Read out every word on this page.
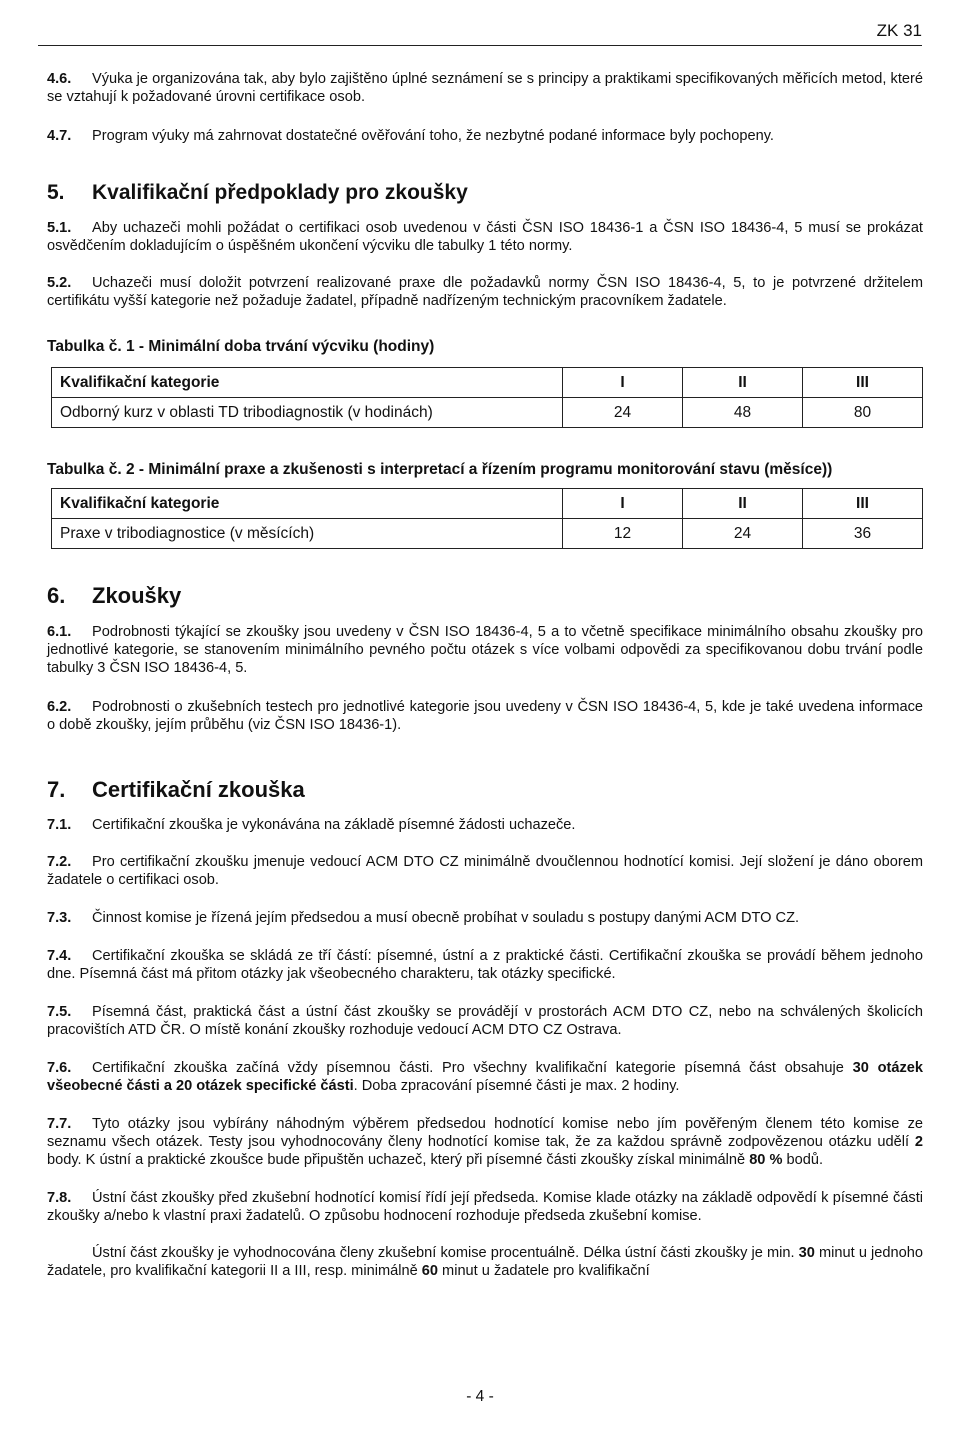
ZK 31

4.6. Výuka je organizována tak, aby bylo zajištěno úplné seznámení se s principy a praktikami specifikovaných měřicích metod, které se vztahují k požadované úrovni certifikace osob.

4.7. Program výuky má zahrnovat dostatečné ověřování toho, že nezbytné podané informace byly pochopeny.

5. Kvalifikační předpoklady pro zkoušky

5.1. Aby uchazeči mohli požádat o certifikaci osob uvedenou v části ČSN ISO 18436-1 a ČSN ISO 18436-4, 5 musí se prokázat osvědčením dokladujícím o úspěšném ukončení výcviku dle tabulky 1 této normy.

5.2. Uchazeči musí doložit potvrzení realizované praxe dle požadavků normy ČSN ISO 18436-4, 5, to je potvrzené držitelem certifikátu vyšší kategorie než požaduje žadatel, případně nadřízeným technickým pracovníkem žadatele.

Tabulka č. 1 - Minimální doba trvání výcviku (hodiny)
Kvalifikační kategorie	I	II	III
Odborný kurz v oblasti TD tribodiagnostik (v hodinách)	24	48	80
Tabulka č. 2 - Minimální praxe a zkušenosti s interpretací a řízením programu monitorování stavu (měsíce))
Kvalifikační kategorie	I	II	III
Praxe v tribodiagnostice (v měsících)	12	24	36
6. Zkoušky

6.1. Podrobnosti týkající se zkoušky jsou uvedeny v ČSN ISO 18436-4, 5 a to včetně specifikace minimálního obsahu zkoušky pro jednotlivé kategorie, se stanovením minimálního pevného počtu otázek s více volbami odpovědi za specifikovanou dobu trvání podle tabulky 3 ČSN ISO 18436-4, 5.

6.2. Podrobnosti o zkušebních testech pro jednotlivé kategorie jsou uvedeny v ČSN ISO 18436-4, 5, kde je také uvedena informace o době zkoušky, jejím průběhu (viz ČSN ISO 18436-1).

7. Certifikační zkouška

7.1. Certifikační zkouška je vykonávána na základě písemné žádosti uchazeče.

7.2. Pro certifikační zkoušku jmenuje vedoucí ACM DTO CZ minimálně dvoučlennou hodnotící komisi. Její složení je dáno oborem žadatele o certifikaci osob.

7.3. Činnost komise je řízená jejím předsedou a musí obecně probíhat v souladu s postupy danými ACM DTO CZ.

7.4. Certifikační zkouška se skládá ze tří částí: písemné, ústní a z praktické části. Certifikační zkouška se provádí během jednoho dne. Písemná část má přitom otázky jak všeobecného charakteru, tak otázky specifické.

7.5. Písemná část, praktická část a ústní část zkoušky se provádějí v prostorách ACM DTO CZ, nebo na schválených školicích pracovištích ATD ČR. O místě konání zkoušky rozhoduje vedoucí ACM DTO CZ Ostrava.

7.6. Certifikační zkouška začíná vždy písemnou části. Pro všechny kvalifikační kategorie písemná část obsahuje 30 otázek všeobecné části a 20 otázek specifické části. Doba zpracování písemné části je max. 2 hodiny.

7.7. Tyto otázky jsou vybírány náhodným výběrem předsedou hodnotící komise nebo jím pověřeným členem této komise ze seznamu všech otázek. Testy jsou vyhodnocovány členy hodnotící komise tak, že za každou správně zodpovězenou otázku udělí 2 body. K ústní a praktické zkoušce bude připuštěn uchazeč, který při písemné části zkoušky získal minimálně 80 % bodů.

7.8. Ústní část zkoušky před zkušební hodnotící komisí řídí její předseda. Komise klade otázky na základě odpovědí k písemné části zkoušky a/nebo k vlastní praxi žadatelů. O způsobu hodnocení rozhoduje předseda zkušební komise.

Ústní část zkoušky je vyhodnocována členy zkušební komise procentuálně. Délka ústní části zkoušky je min. 30 minut u jednoho žadatele, pro kvalifikační kategorii II a III, resp. minimálně 60 minut u žadatele pro kvalifikační

- 4 -
